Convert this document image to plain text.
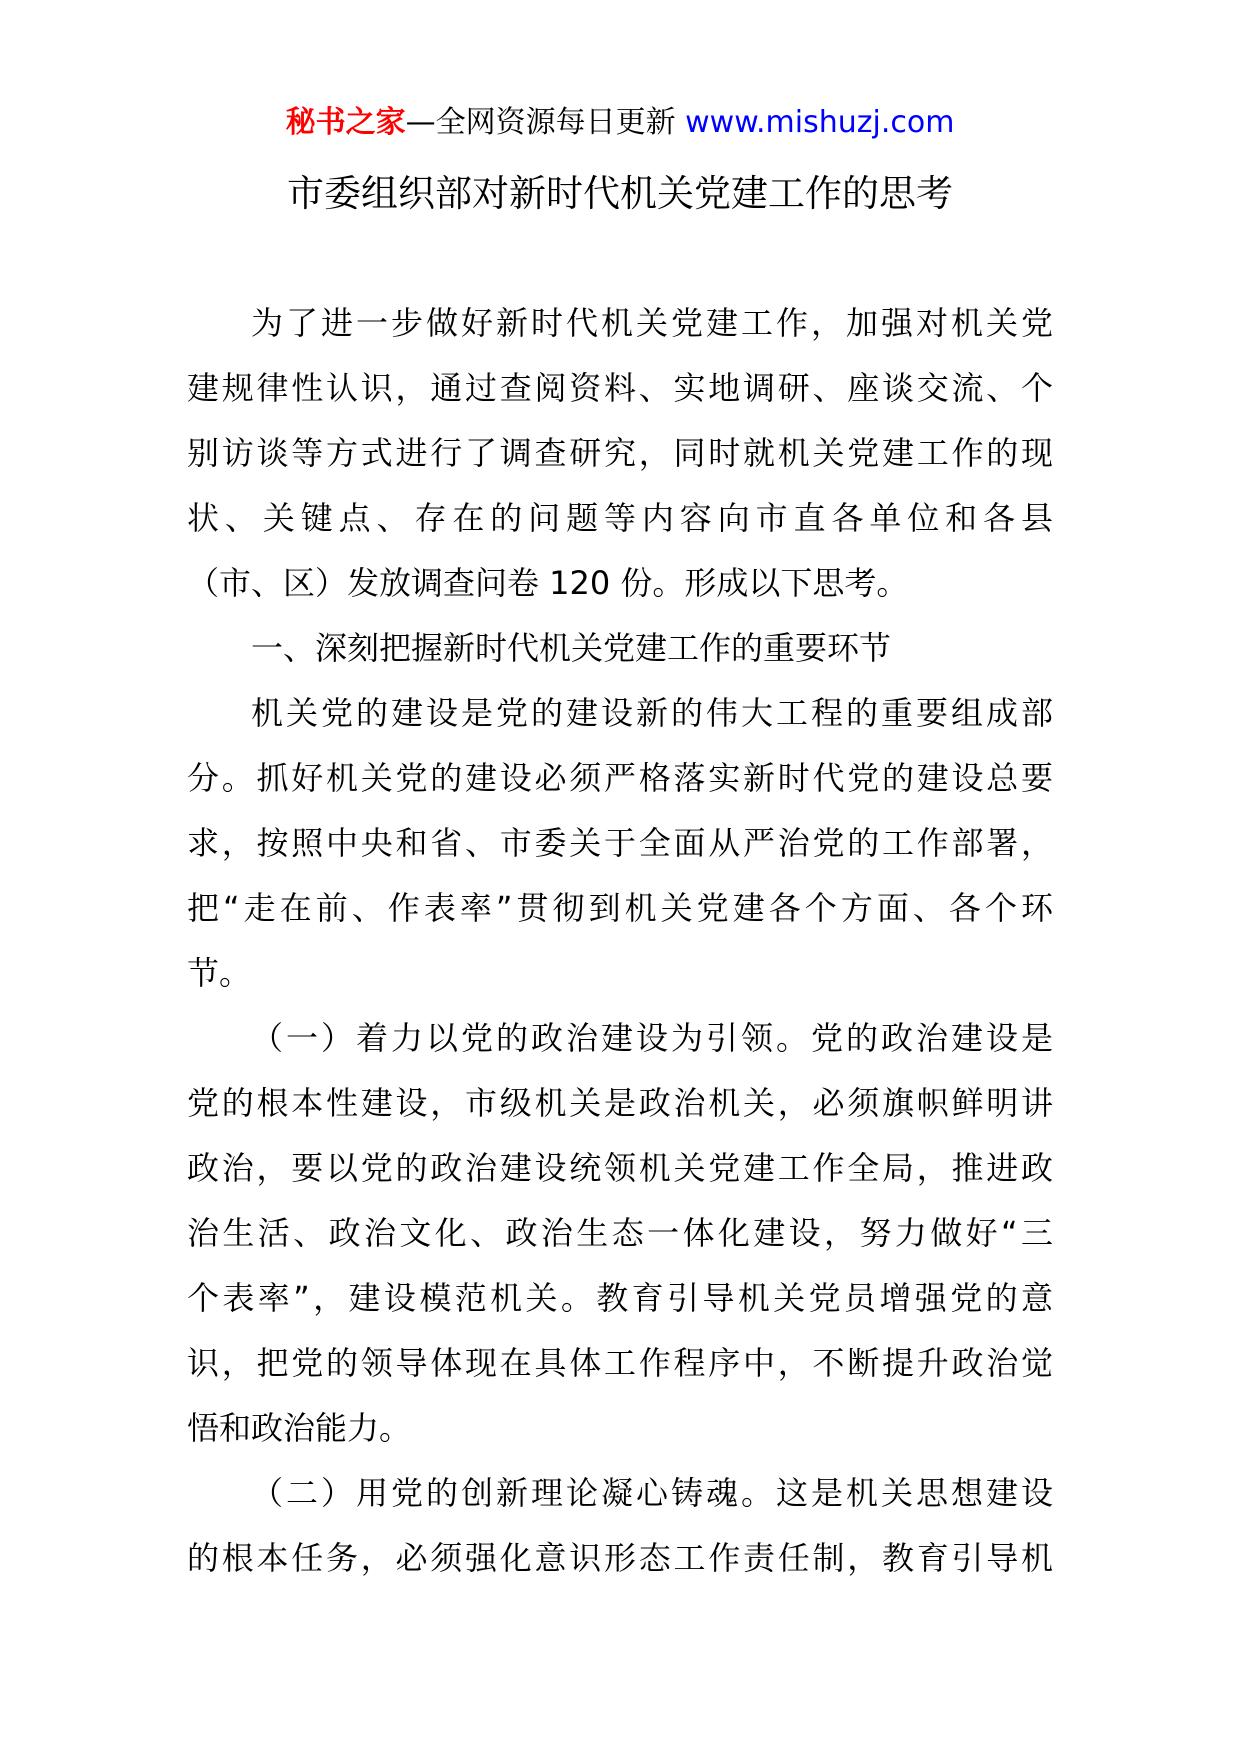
秘书之家—全网资源每日更新 www.mishuzj.com
市委组织部对新时代机关党建工作的思考
为了进一步做好新时代机关党建工作，加强对机关党
建规律性认识，通过查阅资料、实地调研、座谈交流、个
别访谈等方式进行了调查研究，同时就机关党建工作的现
状、关键点、存在的问题等内容向市直各单位和各县
（市、区）发放调查问卷 120 份。形成以下思考。
一、深刻把握新时代机关党建工作的重要环节
机关党的建设是党的建设新的伟大工程的重要组成部
分。抓好机关党的建设必须严格落实新时代党的建设总要
求，按照中央和省、市委关于全面从严治党的工作部署，
把“走在前、作表率”贯彻到机关党建各个方面、各个环
节。
（一）着力以党的政治建设为引领。党的政治建设是
党的根本性建设，市级机关是政治机关，必须旗帜鲜明讲
政治，要以党的政治建设统领机关党建工作全局，推进政
治生活、政治文化、政治生态一体化建设，努力做好“三
个表率”，建设模范机关。教育引导机关党员增强党的意
识，把党的领导体现在具体工作程序中，不断提升政治觉
悟和政治能力。
（二）用党的创新理论凝心铸魂。这是机关思想建设
的根本任务，必须强化意识形态工作责任制，教育引导机
